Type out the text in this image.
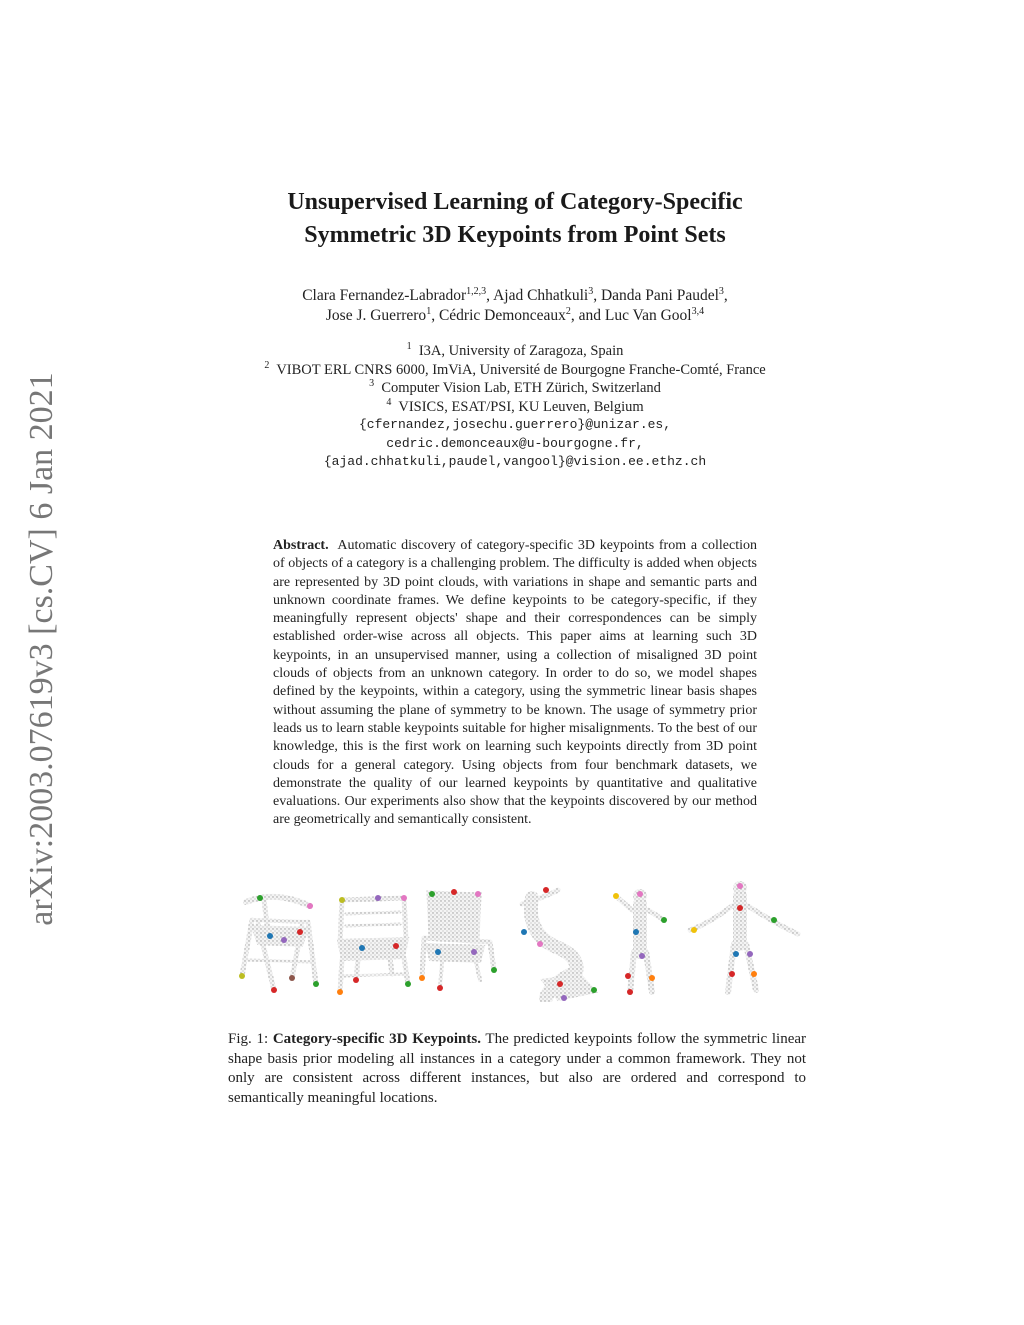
arXiv:2003.07619v3 [cs.CV] 6 Jan 2021
Unsupervised Learning of Category-Specific
Symmetric 3D Keypoints from Point Sets
Clara Fernandez-Labrador$^{1,2,3}$, Ajad Chhatkuli$^3$, Danda Pani Paudel$^3$,
Jose J. Guerrero$^1$, Cédric Demonceaux$^2$, and Luc Van Gool$^{3,4}$
$^1$ I3A, University of Zaragoza, Spain
$^2$ VIBOT ERL CNRS 6000, ImViA, Université de Bourgogne Franche-Comté, France
$^3$ Computer Vision Lab, ETH Zürich, Switzerland
$^4$ VISICS, ESAT/PSI, KU Leuven, Belgium
{cfernandez,josechu.guerrero}@unizar.es,
cedric.demonceaux@u-bourgogne.fr,
{ajad.chhatkuli,paudel,vangool}@vision.ee.ethz.ch
Abstract. Automatic discovery of category-specific 3D keypoints from a collection of objects of a category is a challenging problem. The difficulty is added when objects are represented by 3D point clouds, with variations in shape and semantic parts and unknown coordinate frames. We define keypoints to be category-specific, if they meaningfully represent objects' shape and their correspondences can be simply established order-wise across all objects. This paper aims at learning such 3D keypoints, in an unsupervised manner, using a collection of misaligned 3D point clouds of objects from an unknown category. In order to do so, we model shapes defined by the keypoints, within a category, using the symmetric linear basis shapes without assuming the plane of symmetry to be known. The usage of symmetry prior leads us to learn stable keypoints suitable for higher misalignments. To the best of our knowledge, this is the first work on learning such keypoints directly from 3D point clouds for a general category. Using objects from four benchmark datasets, we demonstrate the quality of our learned keypoints by quantitative and qualitative evaluations. Our experiments also show that the keypoints discovered by our method are geometrically and semantically consistent.
Fig. 1: Category-specific 3D Keypoints. The predicted keypoints follow the symmetric linear shape basis prior modeling all instances in a category under a common framework. They not only are consistent across different instances, but also are ordered and correspond to semantically meaningful locations.
